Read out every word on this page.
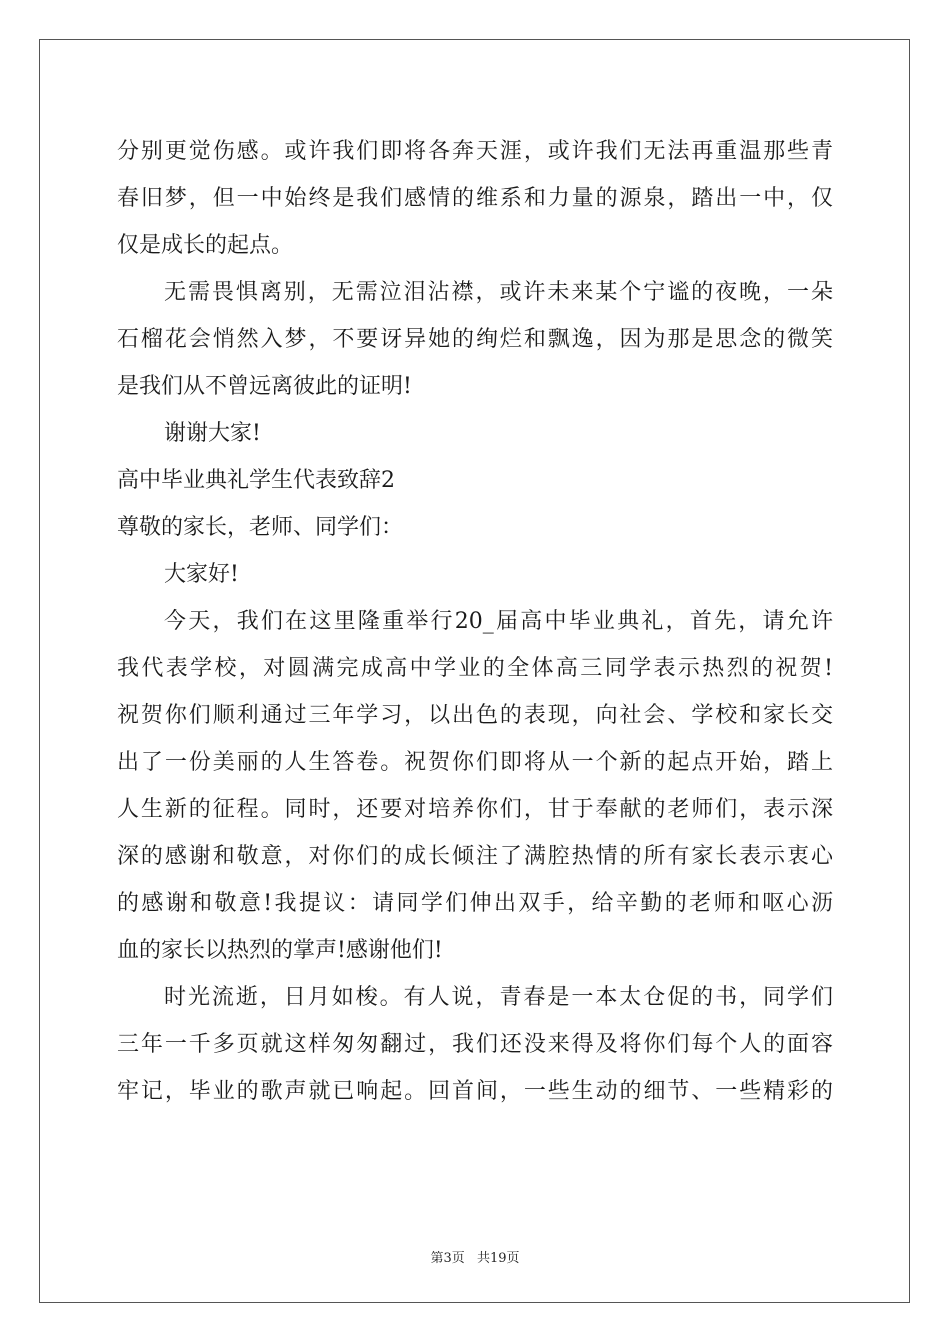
分别更觉伤感。或许我们即将各奔天涯，或许我们无法再重温那些青
春旧梦，但一中始终是我们感情的维系和力量的源泉，踏出一中，仅
仅是成长的起点。
无需畏惧离别，无需泣泪沾襟，或许未来某个宁谧的夜晚，一朵
石榴花会悄然入梦，不要讶异她的绚烂和飘逸，因为那是思念的微笑
是我们从不曾远离彼此的证明!
谢谢大家!
高中毕业典礼学生代表致辞2
尊敬的家长，老师、同学们：
大家好!
今天，我们在这里隆重举行20_届高中毕业典礼，首先，请允许
我代表学校，对圆满完成高中学业的全体高三同学表示热烈的祝贺!
祝贺你们顺利通过三年学习，以出色的表现，向社会、学校和家长交
出了一份美丽的人生答卷。祝贺你们即将从一个新的起点开始，踏上
人生新的征程。同时，还要对培养你们，甘于奉献的老师们，表示深
深的感谢和敬意，对你们的成长倾注了满腔热情的所有家长表示衷心
的感谢和敬意!我提议：请同学们伸出双手，给辛勤的老师和呕心沥
血的家长以热烈的掌声!感谢他们!
时光流逝，日月如梭。有人说，青春是一本太仓促的书，同学们
三年一千多页就这样匆匆翻过，我们还没来得及将你们每个人的面容
牢记，毕业的歌声就已响起。回首间，一些生动的细节、一些精彩的
第3页 共19页
